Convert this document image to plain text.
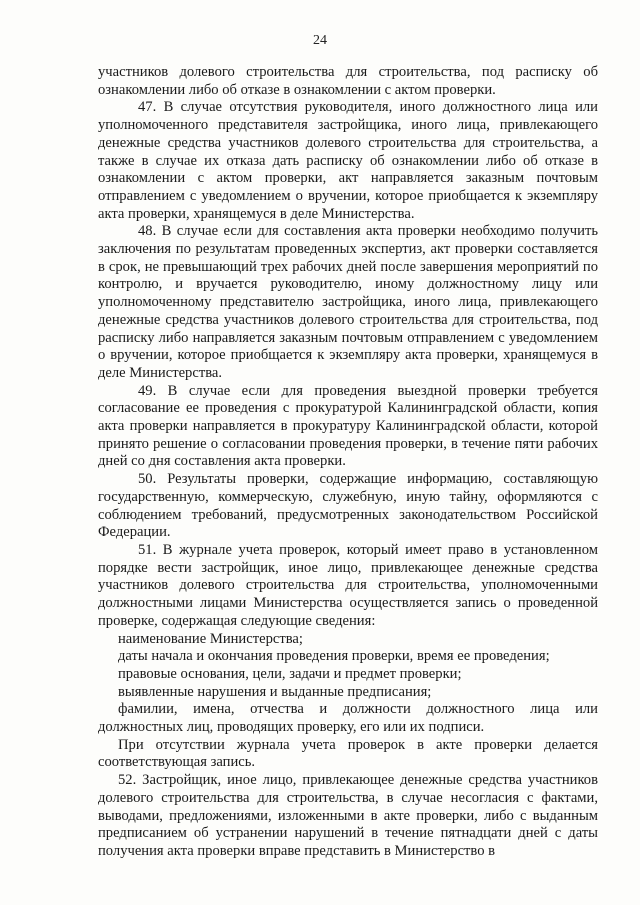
24

участников долевого строительства для строительства, под расписку об ознакомлении либо об отказе в ознакомлении с актом проверки.

47. В случае отсутствия руководителя, иного должностного лица или уполномоченного представителя застройщика, иного лица, привлекающего денежные средства участников долевого строительства для строительства, а также в случае их отказа дать расписку об ознакомлении либо об отказе в ознакомлении с актом проверки, акт направляется заказным почтовым отправлением с уведомлением о вручении, которое приобщается к экземпляру акта проверки, хранящемуся в деле Министерства.

48. В случае если для составления акта проверки необходимо получить заключения по результатам проведенных экспертиз, акт проверки составляется в срок, не превышающий трех рабочих дней после завершения мероприятий по контролю, и вручается руководителю, иному должностному лицу или уполномоченному представителю застройщика, иного лица, привлекающего денежные средства участников долевого строительства для строительства, под расписку либо направляется заказным почтовым отправлением с уведомлением о вручении, которое приобщается к экземпляру акта проверки, хранящемуся в деле Министерства.

49. В случае если для проведения выездной проверки требуется согласование ее проведения с прокуратурой Калининградской области, копия акта проверки направляется в прокуратуру Калининградской области, которой принято решение о согласовании проведения проверки, в течение пяти рабочих дней со дня составления акта проверки.

50. Результаты проверки, содержащие информацию, составляющую государственную, коммерческую, служебную, иную тайну, оформляются с соблюдением требований, предусмотренных законодательством Российской Федерации.

51. В журнале учета проверок, который имеет право в установленном порядке вести застройщик, иное лицо, привлекающее денежные средства участников долевого строительства для строительства, уполномоченными должностными лицами Министерства осуществляется запись о проведенной проверке, содержащая следующие сведения:

наименование Министерства;

даты начала и окончания проведения проверки, время ее проведения;

правовые основания, цели, задачи и предмет проверки;

выявленные нарушения и выданные предписания;

фамилии, имена, отчества и должности должностного лица или должностных лиц, проводящих проверку, его или их подписи.

При отсутствии журнала учета проверок в акте проверки делается соответствующая запись.

52. Застройщик, иное лицо, привлекающее денежные средства участников долевого строительства для строительства, в случае несогласия с фактами, выводами, предложениями, изложенными в акте проверки, либо с выданным предписанием об устранении нарушений в течение пятнадцати дней с даты получения акта проверки вправе представить в Министерство в
